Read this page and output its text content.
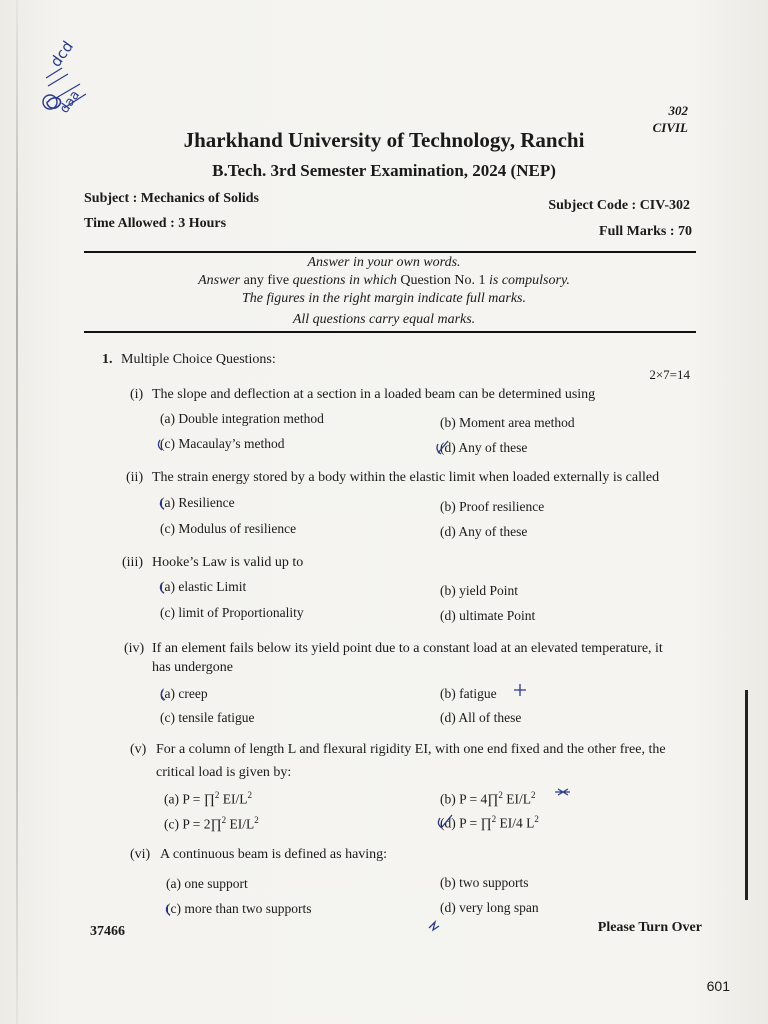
dcd
daa	302
CIVIL
Jharkhand University of Technology, Ranchi
B.Tech. 3rd Semester Examination, 2024 (NEP)
Subject : Mechanics of Solids	Subject Code : CIV-302
Time Allowed : 3 Hours
Full Marks : 70
Answer in your own words.
Answer any five questions in which Question No. 1 is compulsory.
The figures in the right margin indicate full marks.
All questions carry equal marks.
1. Multiple Choice Questions:
2×7=14
(i) The slope and deflection at a section in a loaded beam can be determined using
(a) Double integration method	(b) Moment area method
(c) Macaulay’s method	(d) Any of these
(ii) The strain energy stored by a body within the elastic limit when loaded externally is called
(a) Resilience	(b) Proof resilience
(c) Modulus of resilience	(d) Any of these
(iii) Hooke’s Law is valid up to
(a) elastic Limit	(b) yield Point
(c) limit of Proportionality	(d) ultimate Point
(iv) If an element fails below its yield point due to a constant load at an elevated temperature, it
has undergone
(a) creep	(b) fatigue
(c) tensile fatigue	(d) All of these
(v) For a column of length L and flexural rigidity EI, with one end fixed and the other free, the
critical load is given by:
(a) P = ∏$^2$ $EI/L^2$	(b) P = 4∏$^2$ $EI/L^2$
(c) P = 2∏$^2$ $EI/L^2$	(d) P = ∏$^2$ EI/4 $L^2$
(vi) A continuous beam is defined as having:
(a) one support	(b) two supports
(c) more than two supports	(d) very long span
37466	Please Turn Over
601
